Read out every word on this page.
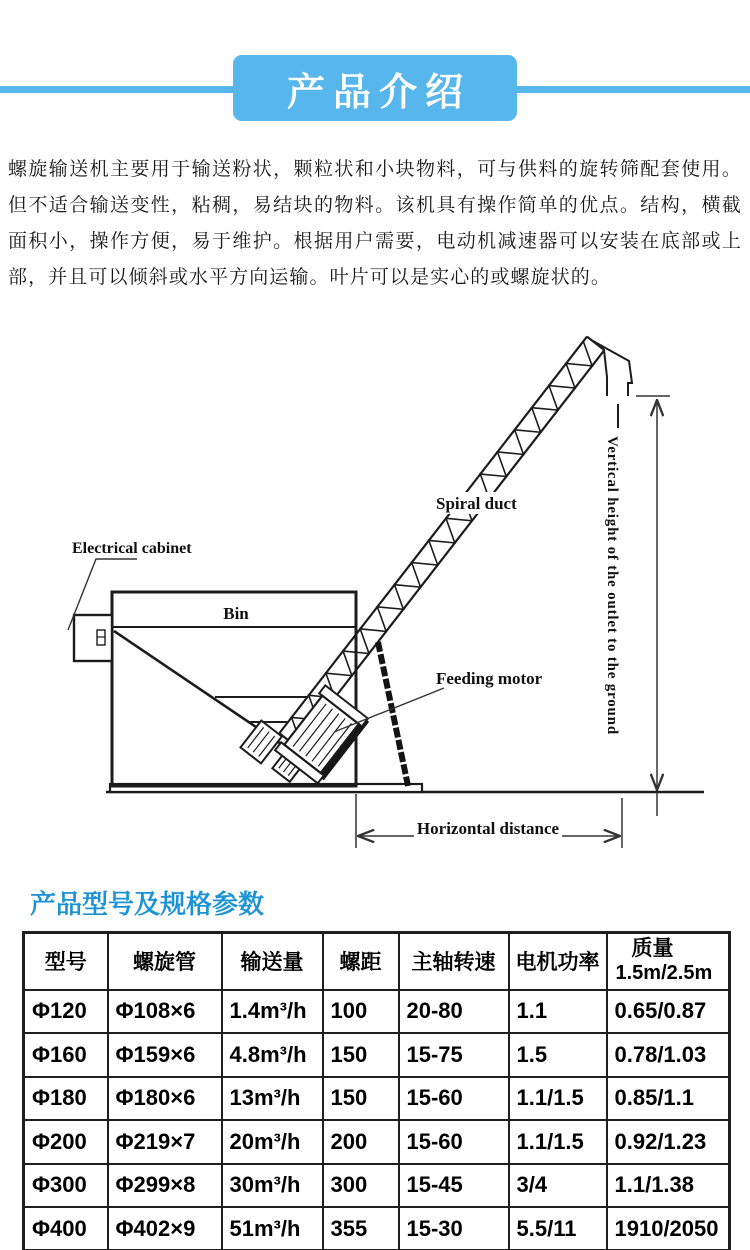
产品介绍

螺旋输送机主要用于输送粉状，颗粒状和小块物料，可与供料的旋转筛配套使用。但不适合输送变性，粘稠，易结块的物料。该机具有操作简单的优点。结构，横截面积小，操作方便，易于维护。根据用户需要，电动机减速器可以安装在底部或上部，并且可以倾斜或水平方向运输。叶片可以是实心的或螺旋状的。

Electrical cabinet
Bin
Spiral duct
Feeding motor	Vertical height of the outlet to the ground
Horizontal distance
产品型号及规格参数
型号	螺旋管	输送量	螺距	主轴转速	电机功率	质量
1.5m/2.5m
Φ120	Φ108×6	1.4m³/h	100	20-80	1.1	0.65/0.87
Φ160	Φ159×6	4.8m³/h	150	15-75	1.5	0.78/1.03
Φ180	Φ180×6	13m³/h	150	15-60	1.1/1.5	0.85/1.1
Φ200	Φ219×7	20m³/h	200	15-60	1.1/1.5	0.92/1.23
Φ300	Φ299×8	30m³/h	300	15-45	3/4	1.1/1.38
Φ400	Φ402×9	51m³/h	355	15-30	5.5/11	1910/2050
